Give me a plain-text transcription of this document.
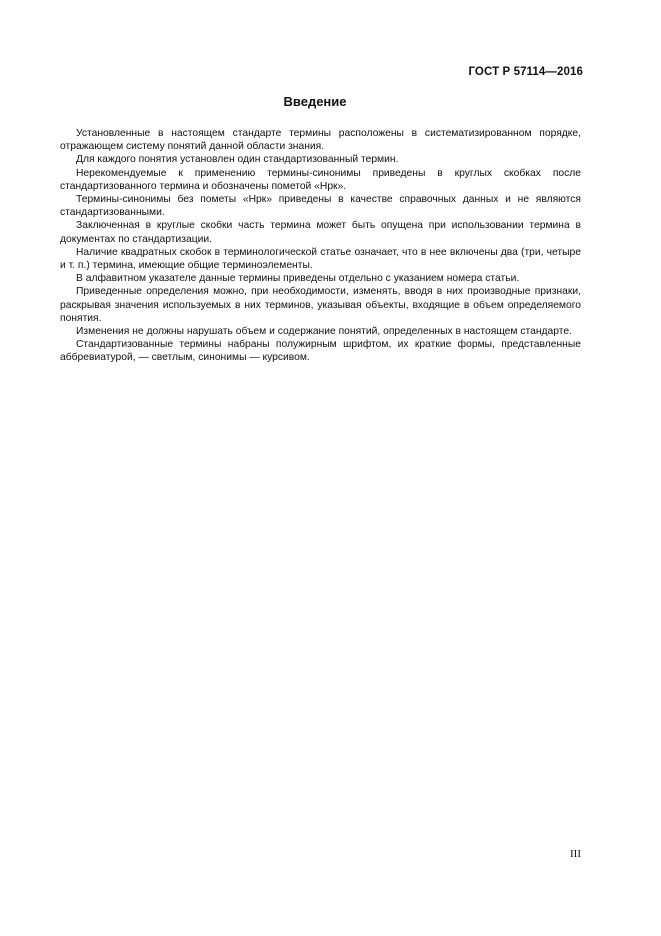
ГОСТ Р 57114—2016
Введение

Установленные в настоящем стандарте термины расположены в систематизированном порядке, отражающем систему понятий данной области знания.

Для каждого понятия установлен один стандартизованный термин.

Нерекомендуемые к применению термины-синонимы приведены в круглых скобках после стандартизованного термина и обозначены пометой «Нрк».

Термины-синонимы без пометы «Нрк» приведены в качестве справочных данных и не являются стандартизованными.

Заключенная в круглые скобки часть термина может быть опущена при использовании термина в документах по стандартизации.

Наличие квадратных скобок в терминологической статье означает, что в нее включены два (три, четыре и т. п.) термина, имеющие общие терминоэлементы.

В алфавитном указателе данные термины приведены отдельно с указанием номера статьи.

Приведенные определения можно, при необходимости, изменять, вводя в них производные признаки, раскрывая значения используемых в них терминов, указывая объекты, входящие в объем определяемого понятия.

Изменения не должны нарушать объем и содержание понятий, определенных в настоящем стандарте.

Стандартизованные термины набраны полужирным шрифтом, их краткие формы, представленные аббревиатурой, — светлым, синонимы — курсивом.

III
